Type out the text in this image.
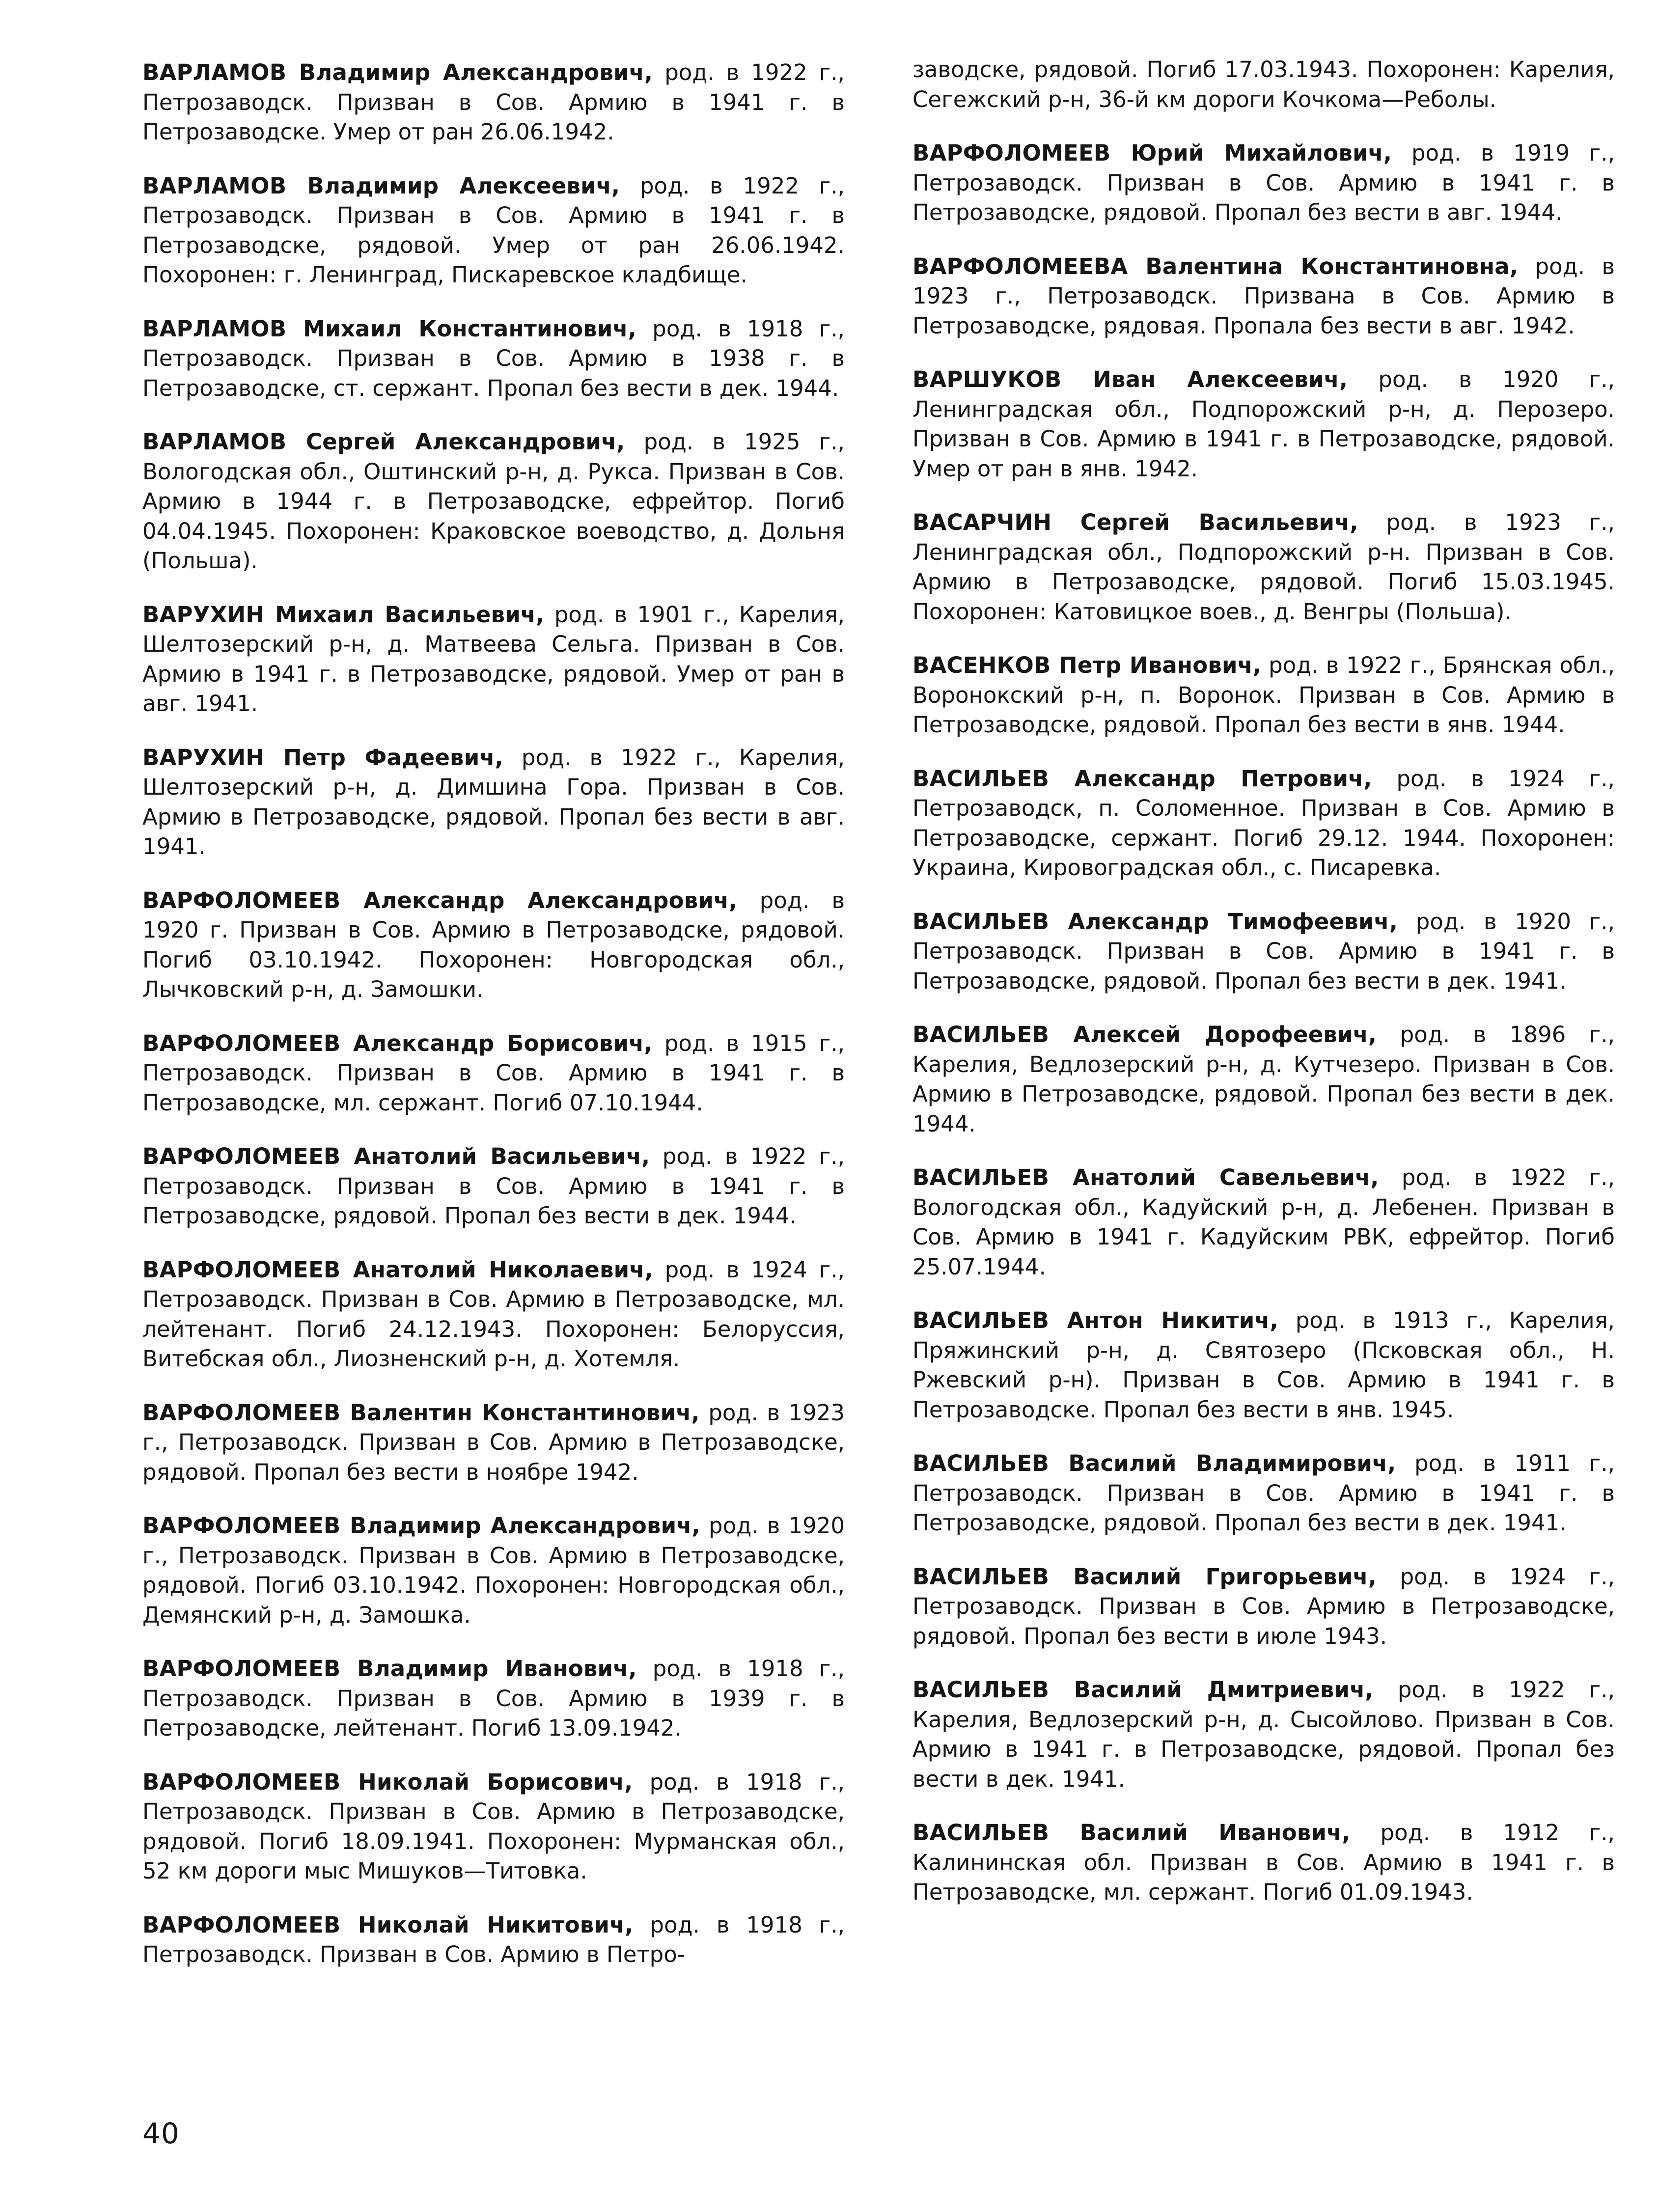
ВАРЛАМОВ Владимир Александрович, род. в 1922 г., Петрозаводск. Призван в Сов. Армию в 1941 г. в Петрозаводске. Умер от ран 26.06.1942.

ВАРЛАМОВ Владимир Алексеевич, род. в 1922 г., Петрозаводск. Призван в Сов. Армию в 1941 г. в Петрозаводске, рядовой. Умер от ран 26.06.1942. Похоронен: г. Ленинград, Пискаревское кладбище.

ВАРЛАМОВ Михаил Константинович, род. в 1918 г., Петрозаводск. Призван в Сов. Армию в 1938 г. в Петрозаводске, ст. сержант. Пропал без вести в дек. 1944.

ВАРЛАМОВ Сергей Александрович, род. в 1925 г., Вологодская обл., Оштинский р-н, д. Рукса. Призван в Сов. Армию в 1944 г. в Петрозаводске, ефрейтор. Погиб 04.04.1945. Похоронен: Краковское воеводство, д. Дольня (Польша).

ВАРУХИН Михаил Васильевич, род. в 1901 г., Карелия, Шелтозерский р-н, д. Матвеева Сельга. Призван в Сов. Армию в 1941 г. в Петрозаводске, рядовой. Умер от ран в авг. 1941.

ВАРУХИН Петр Фадеевич, род. в 1922 г., Карелия, Шелтозерский р-н, д. Димшина Гора. Призван в Сов. Армию в Петрозаводске, рядовой. Пропал без вести в авг. 1941.

ВАРФОЛОМЕЕВ Александр Александрович, род. в 1920 г. Призван в Сов. Армию в Петрозаводске, рядовой. Погиб 03.10.1942. Похоронен: Новгородская обл., Лычковский р-н, д. Замошки.

ВАРФОЛОМЕЕВ Александр Борисович, род. в 1915 г., Петрозаводск. Призван в Сов. Армию в 1941 г. в Петрозаводске, мл. сержант. Погиб 07.10.1944.

ВАРФОЛОМЕЕВ Анатолий Васильевич, род. в 1922 г., Петрозаводск. Призван в Сов. Армию в 1941 г. в Петрозаводске, рядовой. Пропал без вести в дек. 1944.

ВАРФОЛОМЕЕВ Анатолий Николаевич, род. в 1924 г., Петрозаводск. Призван в Сов. Армию в Петрозаводске, мл. лейтенант. Погиб 24.12.1943. Похоронен: Белоруссия, Витебская обл., Лиозненский р-н, д. Хотемля.

ВАРФОЛОМЕЕВ Валентин Константинович, род. в 1923 г., Петрозаводск. Призван в Сов. Армию в Петрозаводске, рядовой. Пропал без вести в ноябре 1942.

ВАРФОЛОМЕЕВ Владимир Александрович, род. в 1920 г., Петрозаводск. Призван в Сов. Армию в Петрозаводске, рядовой. Погиб 03.10.1942. Похоронен: Новгородская обл., Демянский р-н, д. Замошка.

ВАРФОЛОМЕЕВ Владимир Иванович, род. в 1918 г., Петрозаводск. Призван в Сов. Армию в 1939 г. в Петрозаводске, лейтенант. Погиб 13.09.1942.

ВАРФОЛОМЕЕВ Николай Борисович, род. в 1918 г., Петрозаводск. Призван в Сов. Армию в Петрозаводске, рядовой. Погиб 18.09.1941. Похоронен: Мурманская обл., 52 км дороги мыс Мишуков—Титовка.

ВАРФОЛОМЕЕВ Николай Никитович, род. в 1918 г., Петрозаводск. Призван в Сов. Армию в Петро-

заводске, рядовой. Погиб 17.03.1943. Похоронен: Карелия, Сегежский р-н, 36-й км дороги Кочкома—Реболы.

ВАРФОЛОМЕЕВ Юрий Михайлович, род. в 1919 г., Петрозаводск. Призван в Сов. Армию в 1941 г. в Петрозаводске, рядовой. Пропал без вести в авг. 1944.

ВАРФОЛОМЕЕВА Валентина Константиновна, род. в 1923 г., Петрозаводск. Призвана в Сов. Армию в Петрозаводске, рядовая. Пропала без вести в авг. 1942.

ВАРШУКОВ Иван Алексеевич, род. в 1920 г., Ленинградская обл., Подпорожский р-н, д. Перозеро. Призван в Сов. Армию в 1941 г. в Петрозаводске, рядовой. Умер от ран в янв. 1942.

ВАСАРЧИН Сергей Васильевич, род. в 1923 г., Ленинградская обл., Подпорожский р-н. Призван в Сов. Армию в Петрозаводске, рядовой. Погиб 15.03.1945. Похоронен: Катовицкое воев., д. Венгры (Польша).

ВАСЕНКОВ Петр Иванович, род. в 1922 г., Брянская обл., Воронокский р-н, п. Воронок. Призван в Сов. Армию в Петрозаводске, рядовой. Пропал без вести в янв. 1944.

ВАСИЛЬЕВ Александр Петрович, род. в 1924 г., Петрозаводск, п. Соломенное. Призван в Сов. Армию в Петрозаводске, сержант. Погиб 29.12. 1944. Похоронен: Украина, Кировоградская обл., с. Писаревка.

ВАСИЛЬЕВ Александр Тимофеевич, род. в 1920 г., Петрозаводск. Призван в Сов. Армию в 1941 г. в Петрозаводске, рядовой. Пропал без вести в дек. 1941.

ВАСИЛЬЕВ Алексей Дорофеевич, род. в 1896 г., Карелия, Ведлозерский р-н, д. Кутчезеро. Призван в Сов. Армию в Петрозаводске, рядовой. Пропал без вести в дек. 1944.

ВАСИЛЬЕВ Анатолий Савельевич, род. в 1922 г., Вологодская обл., Кадуйский р-н, д. Лебенен. Призван в Сов. Армию в 1941 г. Кадуйским РВК, ефрейтор. Погиб 25.07.1944.

ВАСИЛЬЕВ Антон Никитич, род. в 1913 г., Карелия, Пряжинский р-н, д. Святозеро (Псковская обл., Н. Ржевский р-н). Призван в Сов. Армию в 1941 г. в Петрозаводске. Пропал без вести в янв. 1945.

ВАСИЛЬЕВ Василий Владимирович, род. в 1911 г., Петрозаводск. Призван в Сов. Армию в 1941 г. в Петрозаводске, рядовой. Пропал без вести в дек. 1941.

ВАСИЛЬЕВ Василий Григорьевич, род. в 1924 г., Петрозаводск. Призван в Сов. Армию в Петрозаводске, рядовой. Пропал без вести в июле 1943.

ВАСИЛЬЕВ Василий Дмитриевич, род. в 1922 г., Карелия, Ведлозерский р-н, д. Сысойлово. Призван в Сов. Армию в 1941 г. в Петрозаводске, рядовой. Пропал без вести в дек. 1941.

ВАСИЛЬЕВ Василий Иванович, род. в 1912 г., Калининская обл. Призван в Сов. Армию в 1941 г. в Петрозаводске, мл. сержант. Погиб 01.09.1943.

40
